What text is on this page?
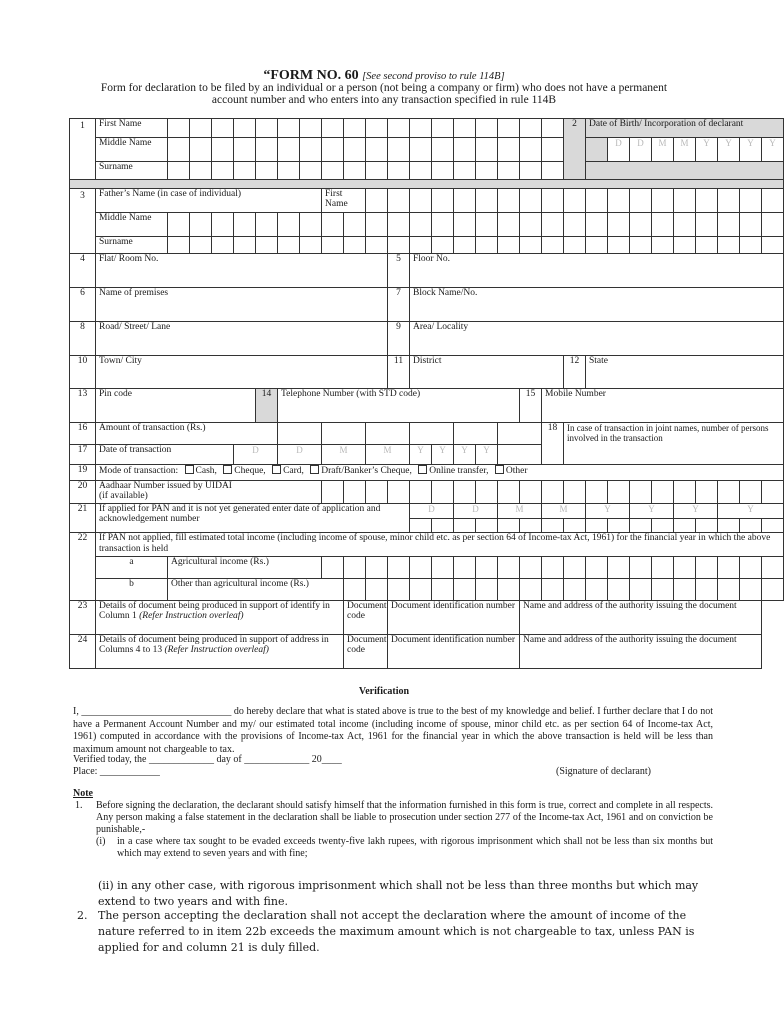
“FORM NO. 60 [See second proviso to rule 114B]
Form for declaration to be filed by an individual or a person (not being a company or firm) who does not have a permanent
account number and who enters into any transaction specified in rule 114B
1	First Name																			2	Date of Birth/ Incorporation of declarant								
	Middle Name																					D	D	M	M	Y	Y	Y	Y
	Surname																												

3	Father’s Name (in case of individual)								First Name																				
	Middle Name																												
	Surname																												
4	Flat/ Room No.											5	Floor No.																
6	Name of premises											7	Block Name/No.																
8	Road/ Street/ Lane											9	Area/ Locality																
10	Town/ City											11	District							12	State								
13	Pin code					14	Telephone Number (with STD code)											15	Mobile Number										
16	Amount of transaction (Rs.)																		18	In case of transaction in joint names, number of persons involved in the transaction									
17	Date of transaction				D		D		M		M		Y	Y	Y	Y													
19	Mode of transaction: Cash, Cheque, Card, Draft/Banker’s Cheque, Online transfer, Other																												
20	Aadhaar Number issued by UIDAI
(if available)																												

21	If applied for PAN and it is not yet generated enter date of application and acknowledgement number												D		D		M		M		Y		Y		Y		Y		

22	If PAN not applied, fill estimated total income (including income of spouse, minor child etc. as per section 64 of Income-tax Act, 1961) for the financial year in which the above transaction is held																												
	a	Agricultural income (Rs.)																											
	b	Other than agricultural income (Rs.)																											
23	Details of document being produced in support of identify in Column 1 (Refer Instruction overleaf)									Document code		Document identification number						Name and address of the authority issuing the document											
24	Details of document being produced in support of address in Columns 4 to 13 (Refer Instruction overleaf)									Document code		Document identification number						Name and address of the authority issuing the document											
Verification
I, ______________________________ do hereby declare that what is stated above is true to the best of my knowledge and belief. I further declare that I do not have a Permanent Account Number and my/ our estimated total income (including income of spouse, minor child etc. as per section 64 of Income-tax Act, 1961) computed in accordance with the provisions of Income-tax Act, 1961 for the financial year in which the above transaction is held will be less than maximum amount not chargeable to tax.
Verified today, the _____________ day of _____________ 20____
Place: ____________	(Signature of declarant)
Note
1. Before signing the declaration, the declarant should satisfy himself that the information furnished in this form is true, correct and complete in all respects. Any person making a false statement in the declaration shall be liable to prosecution under section 277 of the Income-tax Act, 1961 and on conviction be punishable,-
(i) in a case where tax sought to be evaded exceeds twenty-five lakh rupees, with rigorous imprisonment which shall not be less than six months but which may extend to seven years and with fine;
(ii) in any other case, with rigorous imprisonment which shall not be less than three months but which may extend to two years and with fine.
2. The person accepting the declaration shall not accept the declaration where the amount of income of the nature referred to in item 22b exceeds the maximum amount which is not chargeable to tax, unless PAN is applied for and column 21 is duly filled.
